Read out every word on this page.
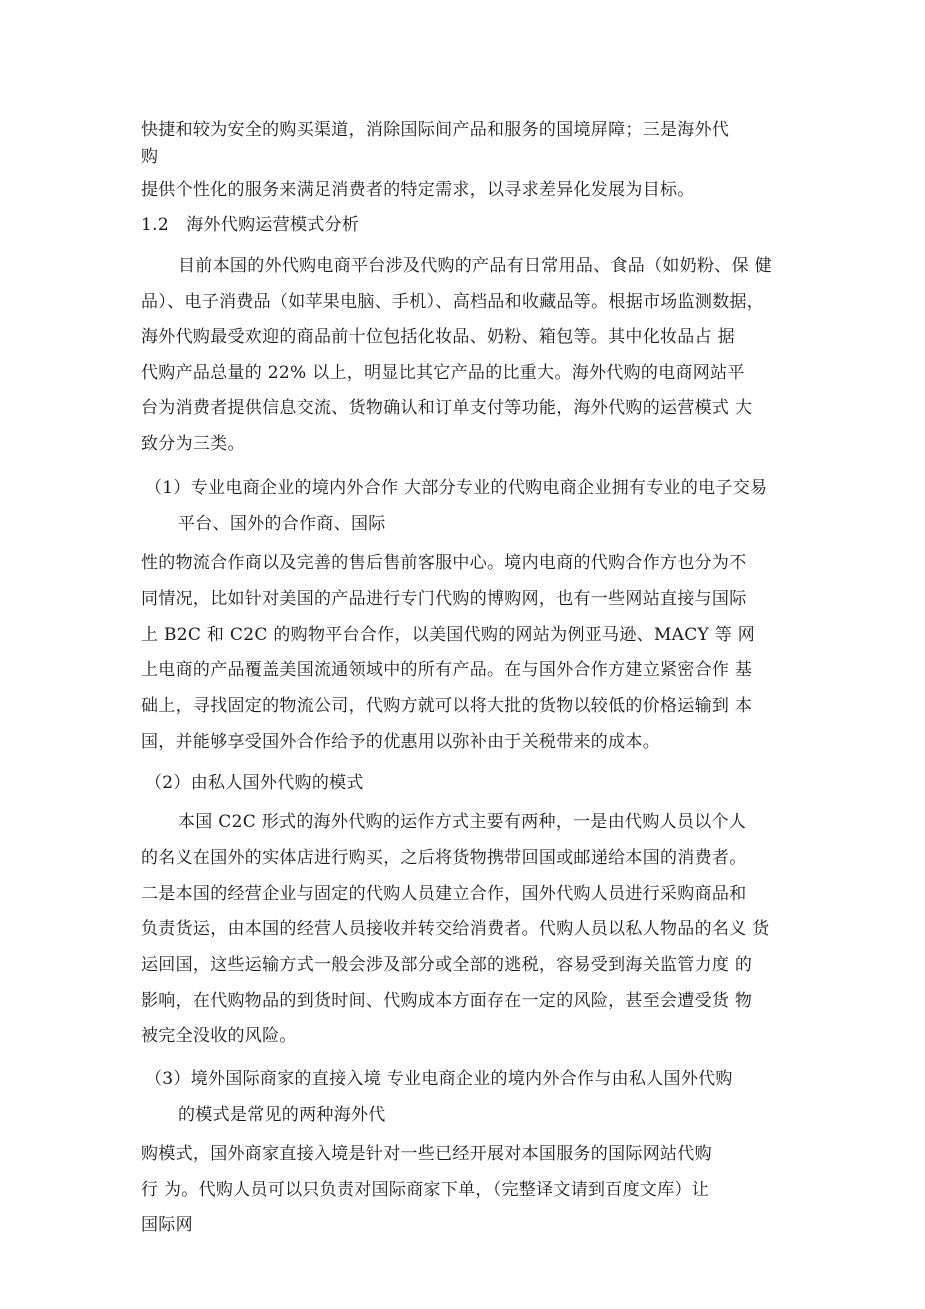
快捷和较为安全的购买渠道，消除国际间产品和服务的国境屏障；三是海外代
购
提供个性化的服务来满足消费者的特定需求，以寻求差异化发展为目标。
1.2　海外代购运营模式分析
目前本国的外代购电商平台涉及代购的产品有日常用品、食品（如奶粉、保 健
品）、电子消费品（如苹果电脑、手机）、高档品和收藏品等。根据市场监测数据，
海外代购最受欢迎的商品前十位包括化妆品、奶粉、箱包等。其中化妆品占 据
代购产品总量的 22% 以上，明显比其它产品的比重大。海外代购的电商网站平
台为消费者提供信息交流、货物确认和订单支付等功能，海外代购的运营模式 大
致分为三类。
（1）专业电商企业的境内外合作 大部分专业的代购电商企业拥有专业的电子交易
平台、国外的合作商、国际
性的物流合作商以及完善的售后售前客服中心。境内电商的代购合作方也分为不
同情况，比如针对美国的产品进行专门代购的博购网，也有一些网站直接与国际
上 B2C 和 C2C 的购物平台合作，以美国代购的网站为例亚马逊、MACY 等 网
上电商的产品覆盖美国流通领域中的所有产品。在与国外合作方建立紧密合作 基
础上，寻找固定的物流公司，代购方就可以将大批的货物以较低的价格运输到 本
国，并能够享受国外合作给予的优惠用以弥补由于关税带来的成本。
（2）由私人国外代购的模式
本国 C2C 形式的海外代购的运作方式主要有两种，一是由代购人员以个人
的名义在国外的实体店进行购买，之后将货物携带回国或邮递给本国的消费者。
二是本国的经营企业与固定的代购人员建立合作，国外代购人员进行采购商品和
负责货运，由本国的经营人员接收并转交给消费者。代购人员以私人物品的名义 货
运回国，这些运输方式一般会涉及部分或全部的逃税，容易受到海关监管力度 的
影响，在代购物品的到货时间、代购成本方面存在一定的风险，甚至会遭受货 物
被完全没收的风险。
（3）境外国际商家的直接入境 专业电商企业的境内外合作与由私人国外代购
的模式是常见的两种海外代
购模式，国外商家直接入境是针对一些已经开展对本国服务的国际网站代购
行 为。代购人员可以只负责对国际商家下单，（完整译文请到百度文库）让
国际网
